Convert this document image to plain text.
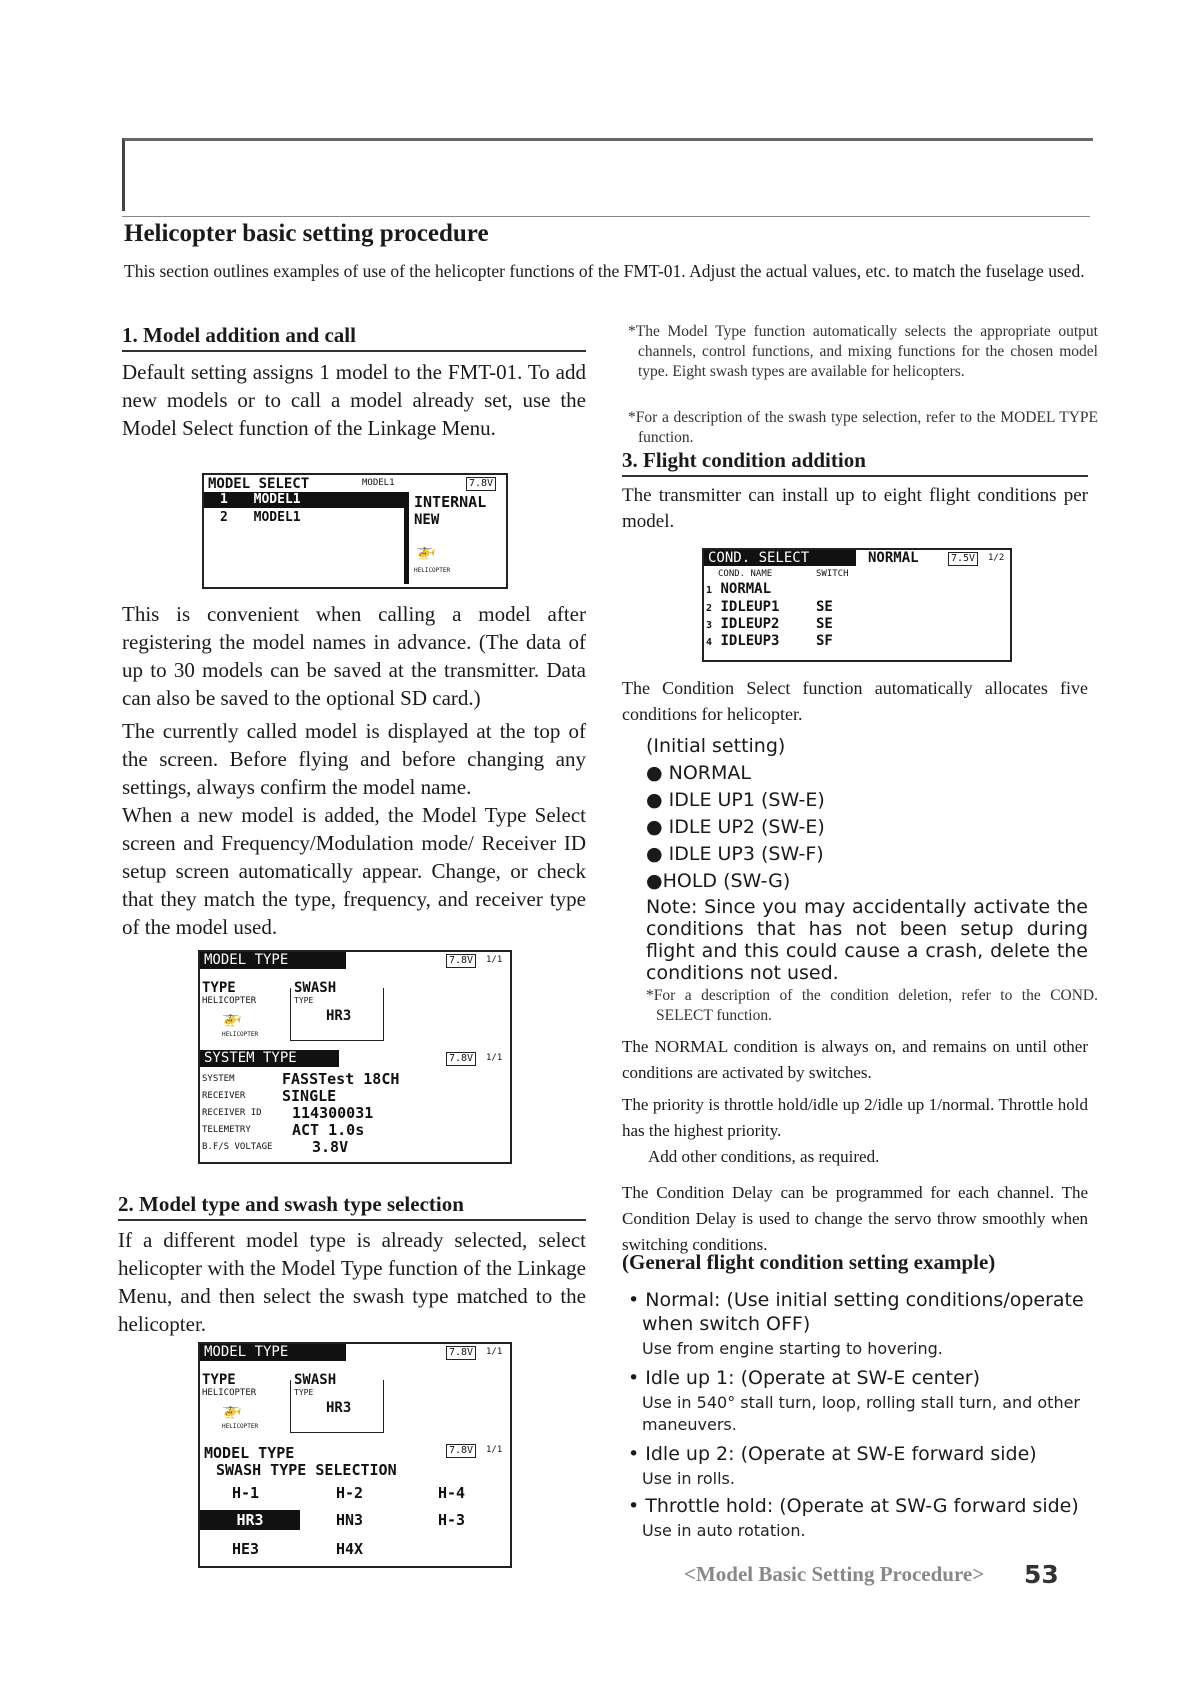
Helicopter basic setting procedure

This section outlines examples of use of the helicopter functions of the FMT-01. Adjust the actual values, etc. to match the fuselage used.

1. Model addition and call

Default setting assigns 1 model to the FMT-01. To add new models or to call a model already set, use the Model Select function of the Linkage Menu.

MODEL SELECT	MODEL1	7.8V
1 MODEL1
2 MODEL1
INTERNAL
NEW
🚁
HELICOPTER

This is convenient when calling a model after registering the model names in advance. (The data of up to 30 models can be saved at the transmitter. Data can also be saved to the optional SD card.)

The currently called model is displayed at the top of the screen. Before flying and before changing any settings, always confirm the model name.

When a new model is added, the Model Type Select screen and Frequency/Modulation mode/ Receiver ID setup screen automatically appear. Change, or check that they match the type, frequency, and receiver type of the model used.

MODEL TYPE	7.8V	1/1
TYPE
HELICOPTER
🚁
HELICOPTER
SWASH
TYPE
HR3
SYSTEM TYPE	7.8V	1/1
SYSTEM	FASSTest 18CH
RECEIVER SINGLE
RECEIVER ID 114300031
TELEMETRY	ACT 1.0s
B.F/S VOLTAGE	3.8V
2. Model type and swash type selection

If a different model type is already selected, select helicopter with the Model Type function of the Linkage Menu, and then select the swash type matched to the helicopter.

MODEL TYPE	7.8V	1/1
TYPE
HELICOPTER
🚁
HELICOPTER
SWASH
TYPE
HR3
MODEL TYPE	7.8V	1/1
SWASH TYPE SELECTION
H-1	H-2	H-4
HR3	HN3	H-3
HE3	H4X

*The Model Type function automatically selects the appropriate output channels, control functions, and mixing functions for the chosen model type. Eight swash types are available for helicopters.

*For a description of the swash type selection, refer to the MODEL TYPE function.

3. Flight condition addition

The transmitter can install up to eight flight conditions per model.

COND. SELECT	NORMAL	7.5V	1/2
COND. NAME	SWITCH
1 NORMAL
2 IDLEUP1	SE
3 IDLEUP2	SE
4 IDLEUP3	SF

The Condition Select function automatically allocates five conditions for helicopter.

(Initial setting)
● NORMAL
● IDLE UP1 (SW-E)
● IDLE UP2 (SW-E)
● IDLE UP3 (SW-F)
●HOLD (SW-G)

Note: Since you may accidentally activate the conditions that has not been setup during flight and this could cause a crash, delete the conditions not used.

*For a description of the condition deletion, refer to the COND. SELECT function.

The NORMAL condition is always on, and remains on until other conditions are activated by switches.

The priority is throttle hold/idle up 2/idle up 1/normal. Throttle hold has the highest priority.

Add other conditions, as required.

The Condition Delay can be programmed for each channel. The Condition Delay is used to change the servo throw smoothly when switching conditions.

(General flight condition setting example)

• Normal: (Use initial setting conditions/operate when switch OFF)

Use from engine starting to hovering.

• Idle up 1: (Operate at SW-E center)

Use in 540° stall turn, loop, rolling stall turn, and other maneuvers.

• Idle up 2: (Operate at SW-E forward side)

Use in rolls.

• Throttle hold: (Operate at SW-G forward side)

Use in auto rotation.

<Model Basic Setting Procedure> 53
